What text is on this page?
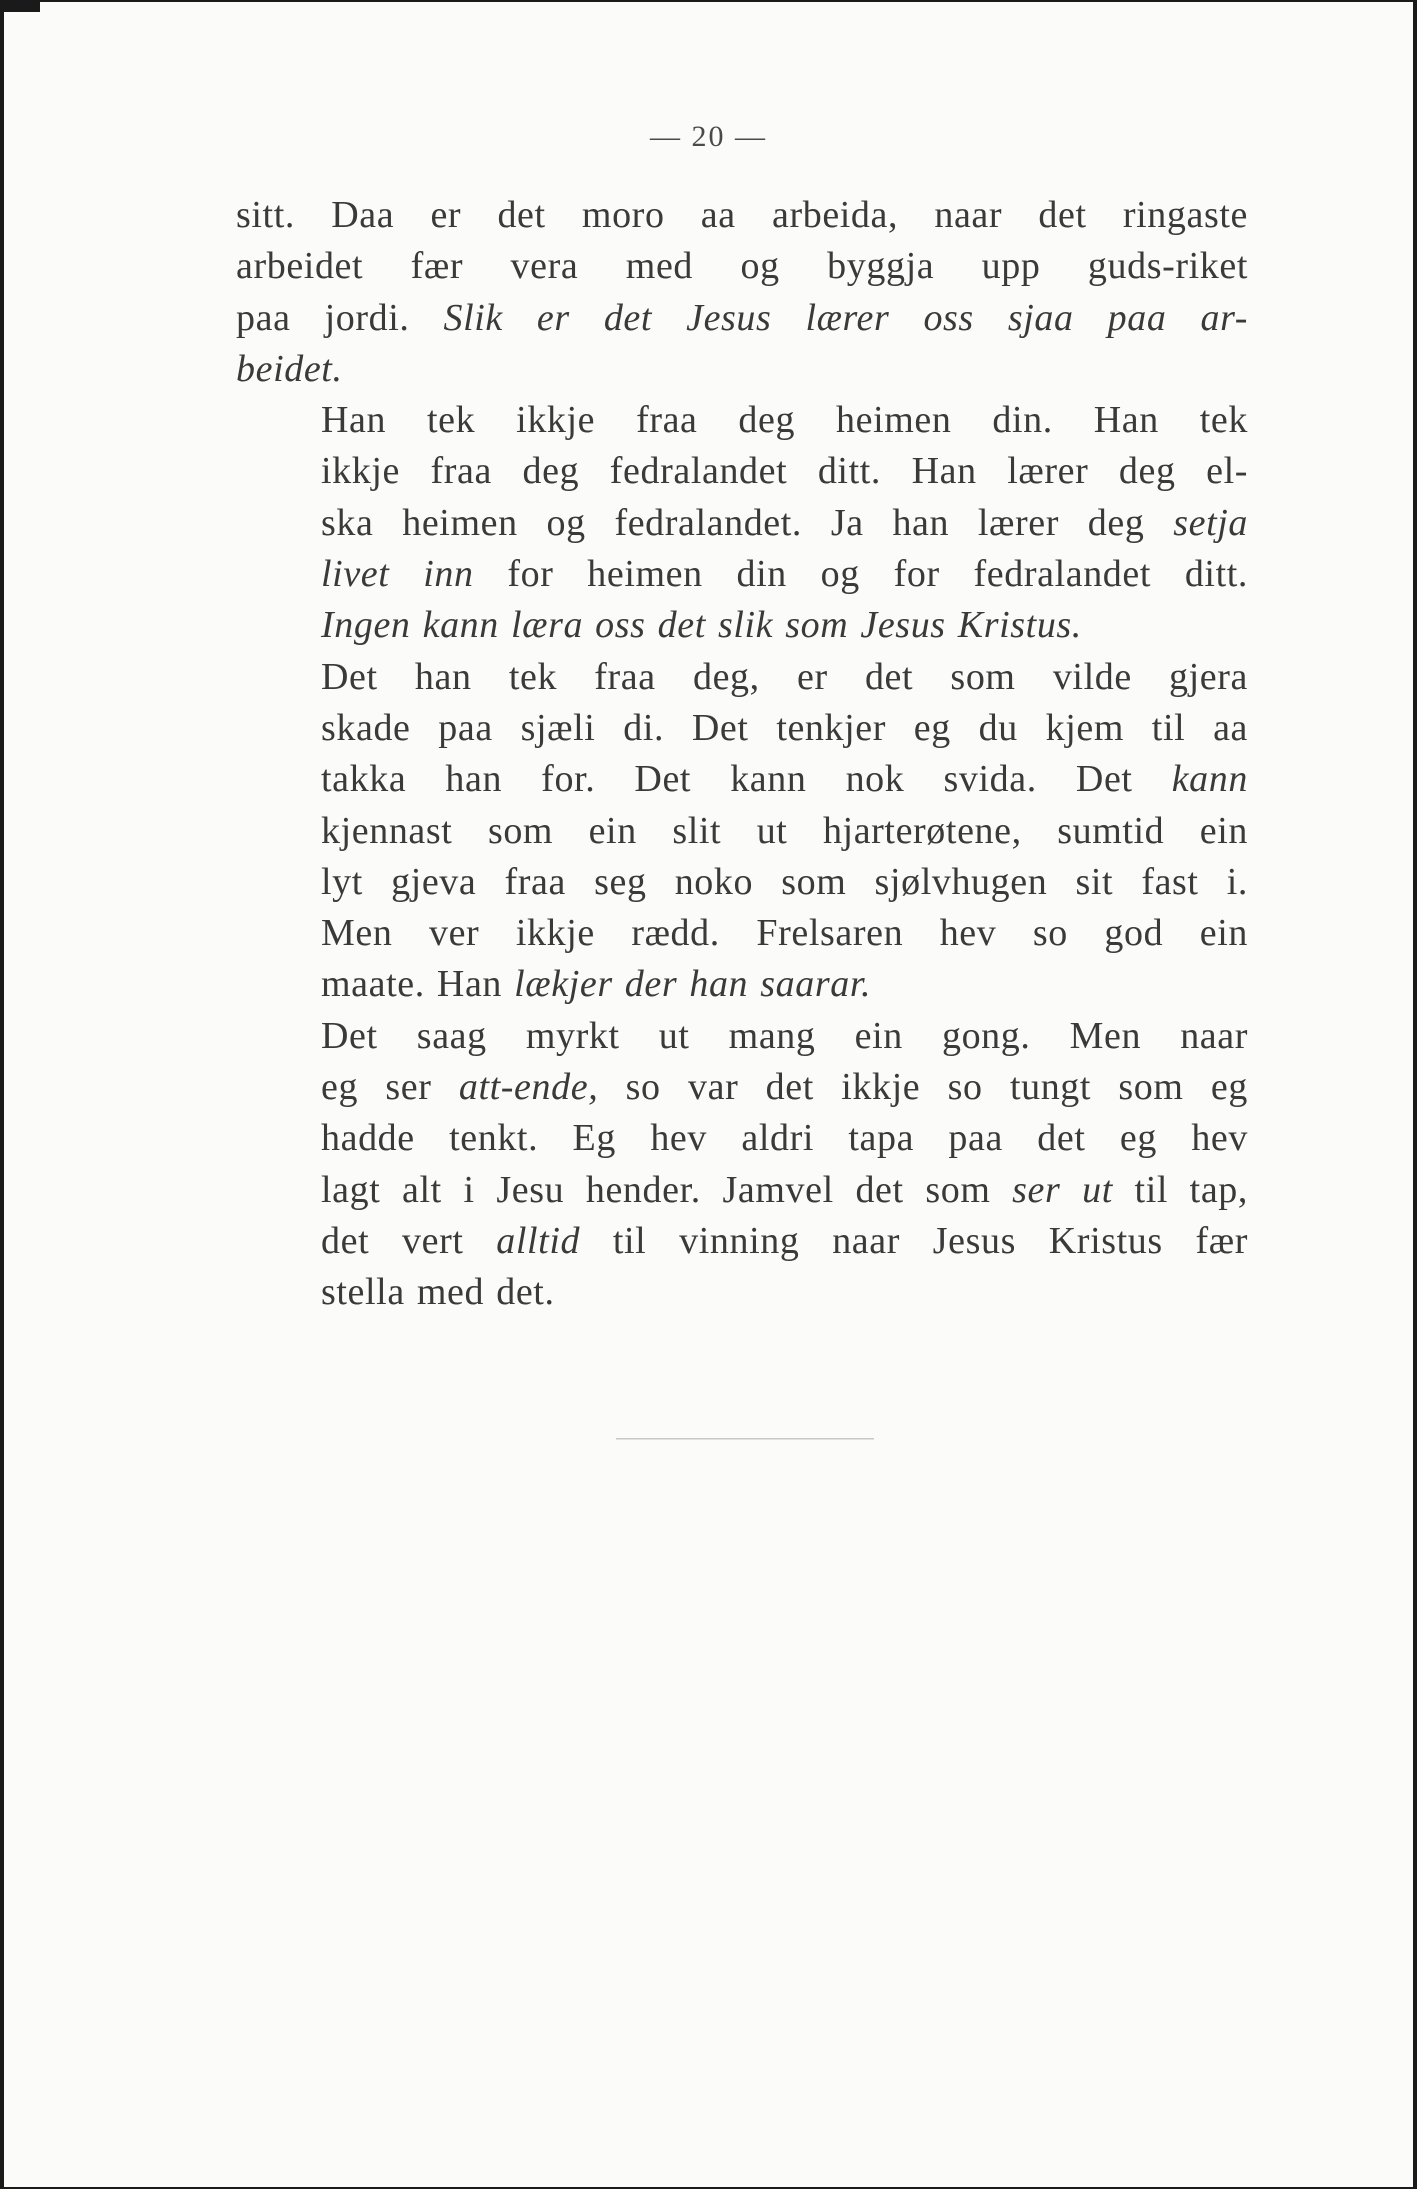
— 20 —

sitt. Daa er det moro aa arbeida, naar det ringaste
arbeidet fær vera med og byggja upp guds-riket
paa jordi. Slik er det Jesus lærer oss sjaa paa ar-
beidet.

Han tek ikkje fraa deg heimen din. Han tek
ikkje fraa deg fedralandet ditt. Han lærer deg el-
ska heimen og fedralandet. Ja han lærer deg setja
livet inn for heimen din og for fedralandet ditt.
Ingen kann læra oss det slik som Jesus Kristus.

Det han tek fraa deg, er det som vilde gjera
skade paa sjæli di. Det tenkjer eg du kjem til aa
takka han for. Det kann nok svida. Det kann
kjennast som ein slit ut hjarterøtene, sumtid ein
lyt gjeva fraa seg noko som sjølvhugen sit fast i.
Men ver ikkje rædd. Frelsaren hev so god ein
maate. Han lækjer der han saarar.

Det saag myrkt ut mang ein gong. Men naar
eg ser att-ende, so var det ikkje so tungt som eg
hadde tenkt. Eg hev aldri tapa paa det eg hev
lagt alt i Jesu hender. Jamvel det som ser ut til tap,
det vert alltid til vinning naar Jesus Kristus fær
stella med det.
